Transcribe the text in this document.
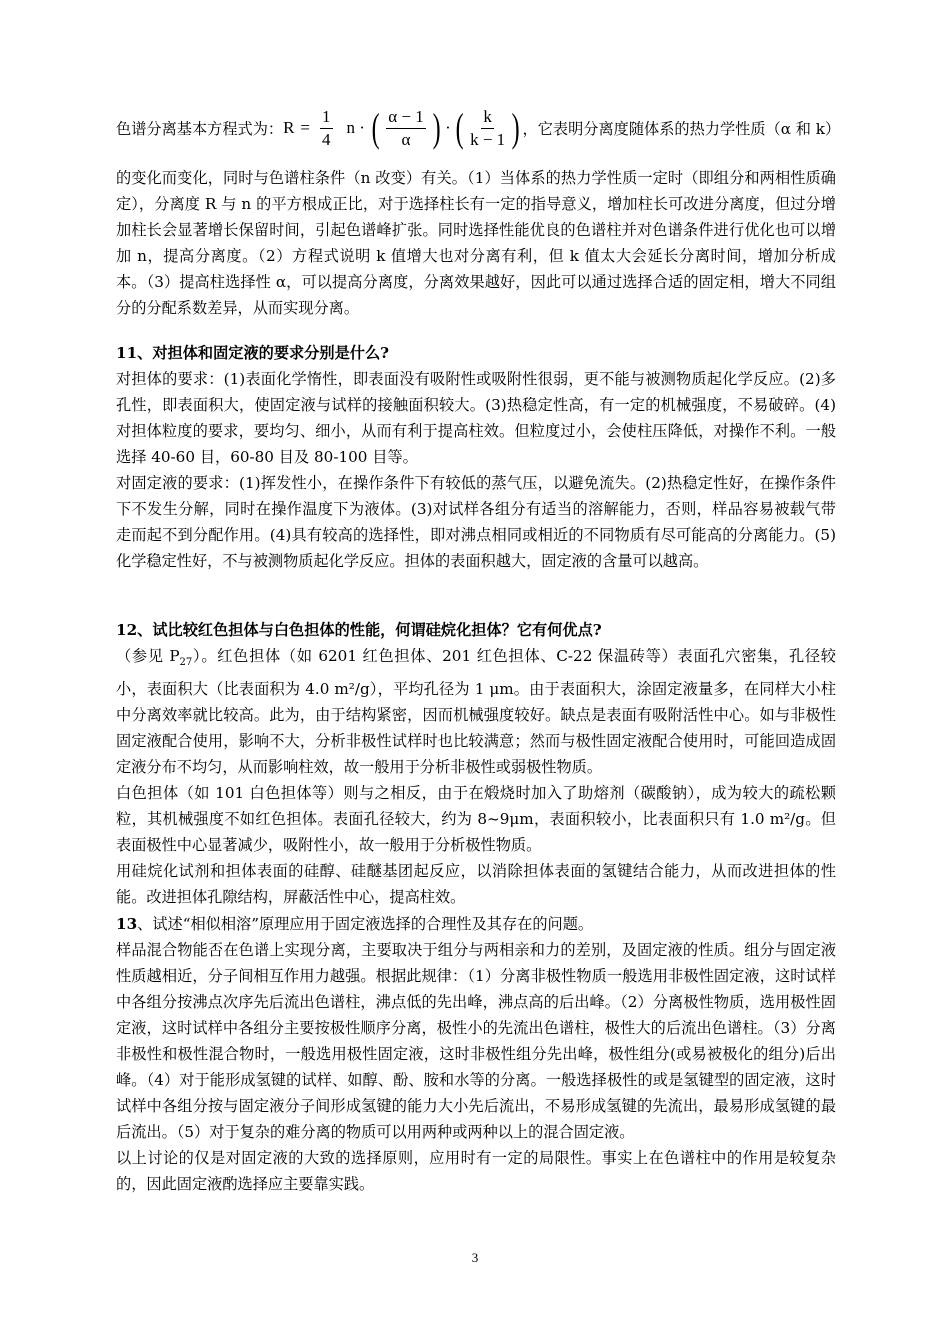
色谱分离基本方程式为： $R = \frac{1}{4}$ n · ( $\frac{\alpha - 1}{\alpha}$ ) · ( $\frac{k}{k - 1}$ ) ，它表明分离度随体系的热力学性质（α 和 k）

的变化而变化，同时与色谱柱条件（n 改变）有关。（1）当体系的热力学性质一定时（即组分和两相性质确定），分离度 R 与 n 的平方根成正比，对于选择柱长有一定的指导意义，增加柱长可改进分离度，但过分增加柱长会显著增长保留时间，引起色谱峰扩张。同时选择性能优良的色谱柱并对色谱条件进行优化也可以增加 n，提高分离度。（2）方程式说明 k 值增大也对分离有利，但 k 值太大会延长分离时间，增加分析成本。（3）提高柱选择性 α，可以提高分离度，分离效果越好，因此可以通过选择合适的固定相，增大不同组分的分配系数差异，从而实现分离。

11、对担体和固定液的要求分别是什么?

对担体的要求：(1)表面化学惰性，即表面没有吸附性或吸附性很弱，更不能与被测物质起化学反应。(2)多孔性，即表面积大，使固定液与试样的接触面积较大。(3)热稳定性高，有一定的机械强度，不易破碎。(4)对担体粒度的要求，要均匀、细小，从而有利于提高柱效。但粒度过小，会使柱压降低，对操作不利。一般选择 40-60 目，60-80 目及 80-100 目等。

对固定液的要求：(1)挥发性小，在操作条件下有较低的蒸气压，以避免流失。(2)热稳定性好，在操作条件下不发生分解，同时在操作温度下为液体。(3)对试样各组分有适当的溶解能力，否则，样品容易被载气带走而起不到分配作用。(4)具有较高的选择性，即对沸点相同或相近的不同物质有尽可能高的分离能力。(5)化学稳定性好，不与被测物质起化学反应。担体的表面积越大，固定液的含量可以越高。

12、试比较红色担体与白色担体的性能，何谓硅烷化担体？它有何优点?

（参见 $P_{27}$）。红色担体（如 6201 红色担体、201 红色担体、C-22 保温砖等）表面孔穴密集，孔径较小，表面积大（比表面积为 4.0 m²/g），平均孔径为 1 μm。由于表面积大，涂固定液量多，在同样大小柱中分离效率就比较高。此为，由于结构紧密，因而机械强度较好。缺点是表面有吸附活性中心。如与非极性固定液配合使用，影响不大，分析非极性试样时也比较满意；然而与极性固定液配合使用时，可能回造成固定液分布不均匀，从而影响柱效，故一般用于分析非极性或弱极性物质。

白色担体（如 101 白色担体等）则与之相反，由于在煅烧时加入了助熔剂（碳酸钠），成为较大的疏松颗粒，其机械强度不如红色担体。表面孔径较大，约为 8~9μm，表面积较小，比表面积只有 1.0 m²/g。但表面极性中心显著减少，吸附性小，故一般用于分析极性物质。

用硅烷化试剂和担体表面的硅醇、硅醚基团起反应，以消除担体表面的氢键结合能力，从而改进担体的性能。改进担体孔隙结构，屏蔽活性中心，提高柱效。

13、试述“相似相溶”原理应用于固定液选择的合理性及其存在的问题。

样品混合物能否在色谱上实现分离，主要取决于组分与两相亲和力的差别，及固定液的性质。组分与固定液性质越相近，分子间相互作用力越强。根据此规律：（1）分离非极性物质一般选用非极性固定液，这时试样中各组分按沸点次序先后流出色谱柱，沸点低的先出峰，沸点高的后出峰。（2）分离极性物质，选用极性固定液，这时试样中各组分主要按极性顺序分离，极性小的先流出色谱柱，极性大的后流出色谱柱。（3）分离非极性和极性混合物时，一般选用极性固定液，这时非极性组分先出峰，极性组分(或易被极化的组分)后出峰。（4）对于能形成氢键的试样、如醇、酚、胺和水等的分离。一般选择极性的或是氢键型的固定液，这时试样中各组分按与固定液分子间形成氢键的能力大小先后流出，不易形成氢键的先流出，最易形成氢键的最后流出。（5）对于复杂的难分离的物质可以用两种或两种以上的混合固定液。

以上讨论的仅是对固定液的大致的选择原则，应用时有一定的局限性。事实上在色谱柱中的作用是较复杂的，因此固定液酌选择应主要靠实践。

3
